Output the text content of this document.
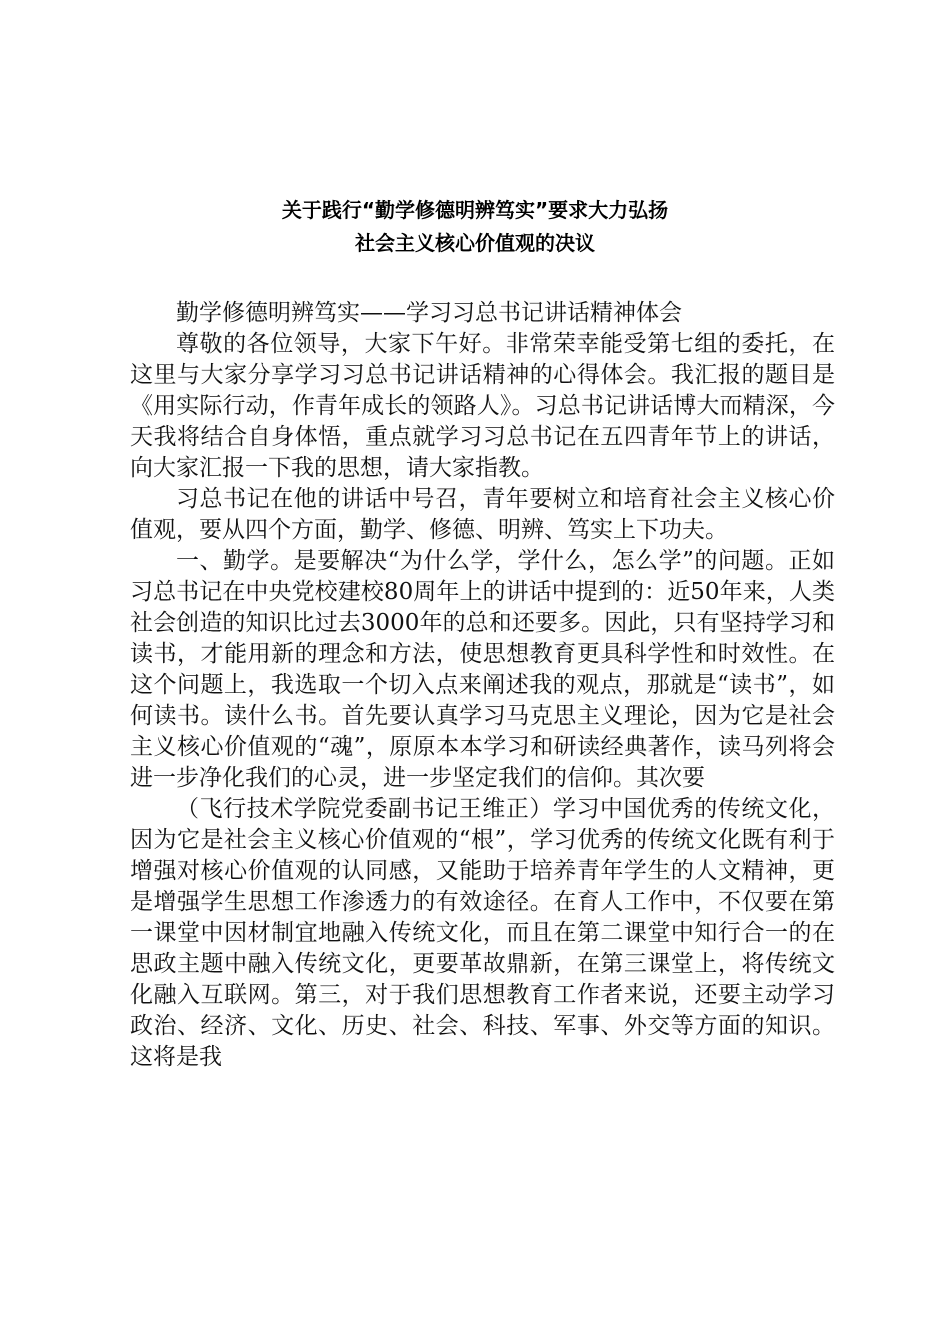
关于践行“勤学修德明辨笃实”要求大力弘扬
社会主义核心价值观的决议

勤学修德明辨笃实——学习习总书记讲话精神体会

尊敬的各位领导，大家下午好。非常荣幸能受第七组的委托，在这里与大家分享学习习总书记讲话精神的心得体会。我汇报的题目是《用实际行动，作青年成长的领路人》。习总书记讲话博大而精深，今天我将结合自身体悟，重点就学习习总书记在五四青年节上的讲话，向大家汇报一下我的思想，请大家指教。

习总书记在他的讲话中号召，青年要树立和培育社会主义核心价值观，要从四个方面，勤学、修德、明辨、笃实上下功夫。

一、勤学。是要解决“为什么学，学什么，怎么学”的问题。正如习总书记在中央党校建校80周年上的讲话中提到的：近50年来，人类社会创造的知识比过去3000年的总和还要多。因此，只有坚持学习和读书，才能用新的理念和方法，使思想教育更具科学性和时效性。在这个问题上，我选取一个切入点来阐述我的观点，那就是“读书”，如何读书。读什么书。首先要认真学习马克思主义理论，因为它是社会主义核心价值观的“魂”，原原本本学习和研读经典著作，读马列将会进一步净化我们的心灵，进一步坚定我们的信仰。其次要

（飞行技术学院党委副书记王维正）学习中国优秀的传统文化，因为它是社会主义核心价值观的“根”，学习优秀的传统文化既有利于增强对核心价值观的认同感，又能助于培养青年学生的人文精神，更是增强学生思想工作渗透力的有效途径。在育人工作中，不仅要在第一课堂中因材制宜地融入传统文化，而且在第二课堂中知行合一的在思政主题中融入传统文化，更要革故鼎新，在第三课堂上，将传统文化融入互联网。第三，对于我们思想教育工作者来说，还要主动学习政治、经济、文化、历史、社会、科技、军事、外交等方面的知识。这将是我
